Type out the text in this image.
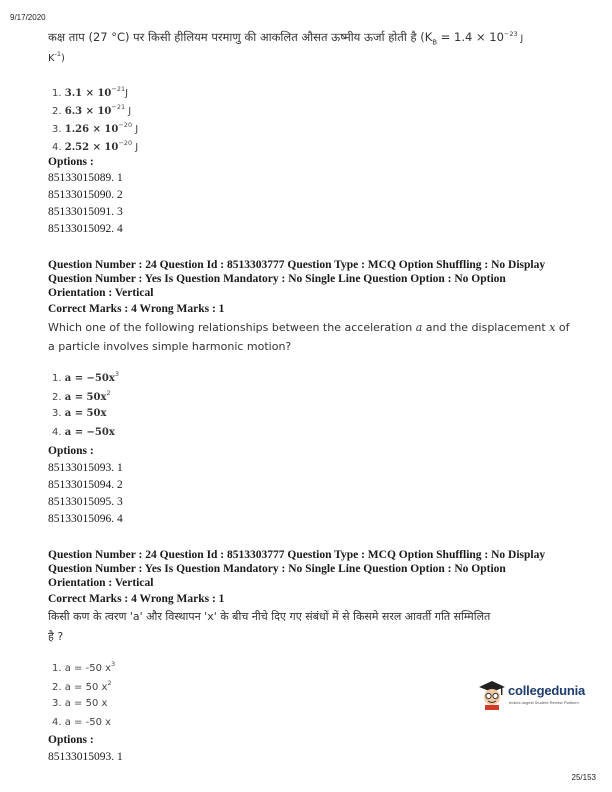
9/17/2020
कक्ष ताप (27 °C) पर किसी हीलियम परमाणु की आकलित औसत ऊष्मीय ऊर्जा होती है ($K_B = 1.4 \times 10^{-23}$ J
$K^{-1}$)
1. $3.1 \times 10^{-21}J$
2. $6.3 \times 10^{-21}$ J
3. $1.26 \times 10^{-20}$ J
4. $2.52 \times 10^{-20}$ J
Options :
85133015089. 1
85133015090. 2
85133015091. 3
85133015092. 4
Question Number : 24 Question Id : 8513303777 Question Type : MCQ Option Shuffling : No Display
Question Number : Yes Is Question Mandatory : No Single Line Question Option : No Option
Orientation : Vertical
Correct Marks : 4 Wrong Marks : 1
Which one of the following relationships between the acceleration a and the displacement x of
a particle involves simple harmonic motion?
1. $a = -50x^3$
2. $a = 50x^2$
3. a = 50x
4. a = −50x
Options :
85133015093. 1
85133015094. 2
85133015095. 3
85133015096. 4
Question Number : 24 Question Id : 8513303777 Question Type : MCQ Option Shuffling : No Display
Question Number : Yes Is Question Mandatory : No Single Line Question Option : No Option
Orientation : Vertical
Correct Marks : 4 Wrong Marks : 1
किसी कण के त्वरण 'a' और विस्थापन 'x' के बीच नीचे दिए गए संबंधों में से किसमे सरल आवर्ती गति सम्मिलित
है ?
1. a = -50 $x^3$
2. a = 50 $x^2$
3. a = 50 x
4. a = -50 x
Options :
85133015093. 1
collegedunia
India's largest Student Review Platform
25/153
